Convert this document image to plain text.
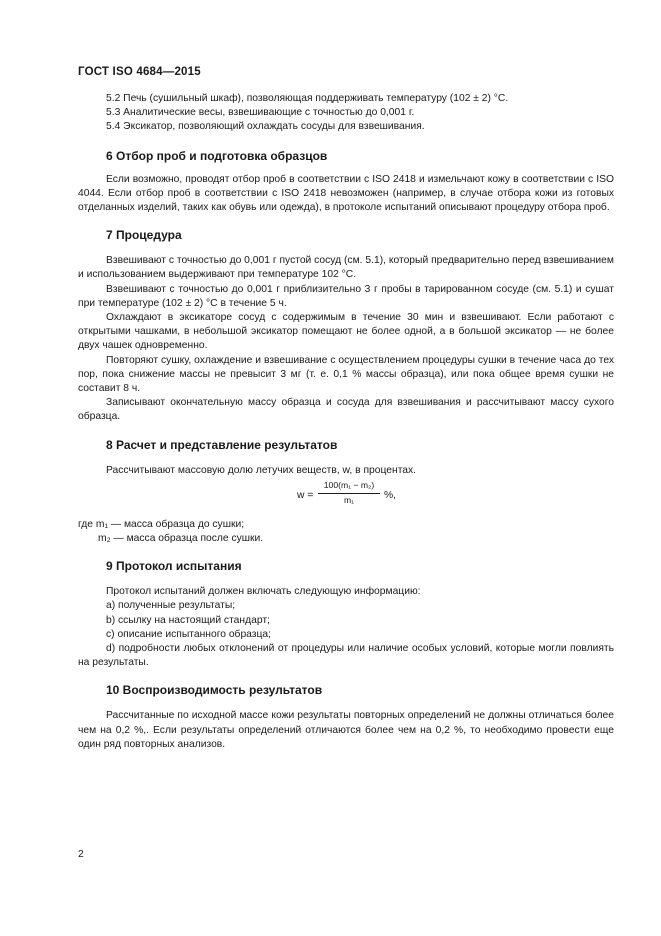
ГОСТ ISO 4684—2015

5.2 Печь (сушильный шкаф), позволяющая поддерживать температуру (102 ± 2) °С.

5.3 Аналитические весы, взвешивающие с точностью до 0,001 г.

5.4 Эксикатор, позволяющий охлаждать сосуды для взвешивания.

6 Отбор проб и подготовка образцов

Если возможно, проводят отбор проб в соответствии с ISO 2418 и измельчают кожу в соответствии с ISO 4044. Если отбор проб в соответствии с ISO 2418 невозможен (например, в случае отбора кожи из готовых отделанных изделий, таких как обувь или одежда), в протоколе испытаний описывают процедуру отбора проб.

7 Процедура

Взвешивают с точностью до 0,001 г пустой сосуд (см. 5.1), который предварительно перед взвешиванием и использованием выдерживают при температуре 102 °С.

Взвешивают с точностью до 0,001 г приблизительно 3 г пробы в тарированном сосуде (см. 5.1) и сушат при температуре (102 ± 2) °С в течение 5 ч.

Охлаждают в эксикаторе сосуд с содержимым в течение 30 мин и взвешивают. Если работают с открытыми чашками, в небольшой эксикатор помещают не более одной, а в большой эксикатор — не более двух чашек одновременно.

Повторяют сушку, охлаждение и взвешивание с осуществлением процедуры сушки в течение часа до тех пор, пока снижение массы не превысит 3 мг (т. е. 0,1 % массы образца), или пока общее время сушки не составит 8 ч.

Записывают окончательную массу образца и сосуда для взвешивания и рассчитывают массу сухого образца.

8 Расчет и представление результатов

Рассчитывают массовую долю летучих веществ, w, в процентах.

w =
100(m₁ − m₂)
m₁	%,

где m₁ — масса образца до сушки;

m₂ — масса образца после сушки.

9 Протокол испытания

Протокол испытаний должен включать следующую информацию:

a) полученные результаты;

b) ссылку на настоящий стандарт;

c) описание испытанного образца;

d) подробности любых отклонений от процедуры или наличие особых условий, которые могли повлиять на результаты.

10 Воспроизводимость результатов

Рассчитанные по исходной массе кожи результаты повторных определений не должны отличаться более чем на 0,2 %,. Если результаты определений отличаются более чем на 0,2 %, то необходимо провести еще один ряд повторных анализов.

2
